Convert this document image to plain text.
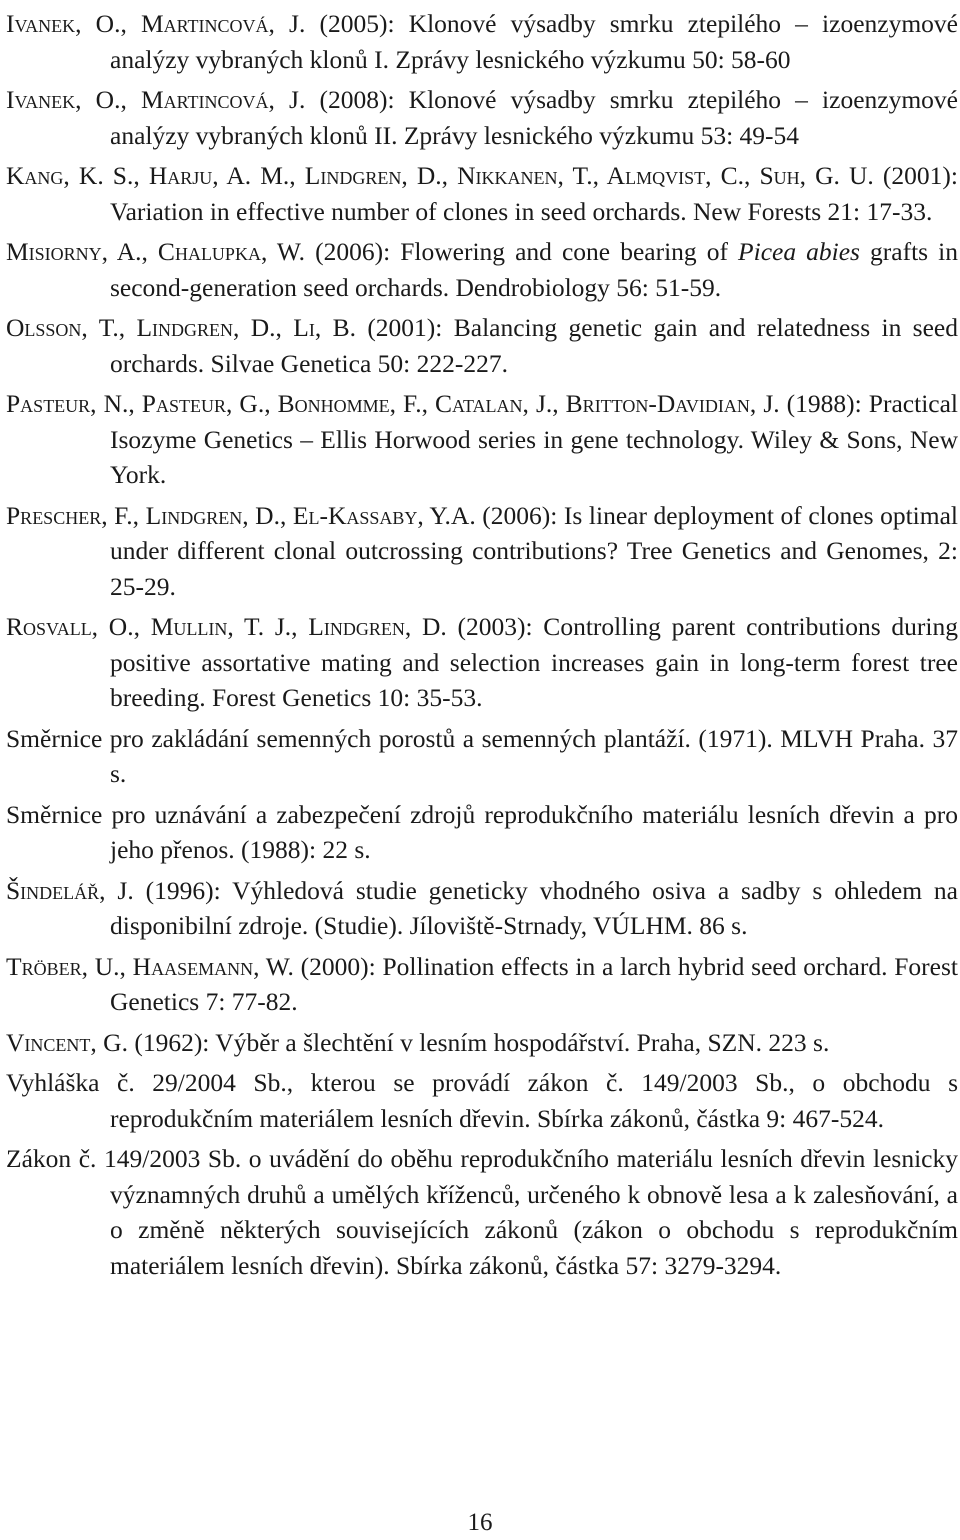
Ivanek, O., Martincová, J. (2005): Klonové výsadby smrku ztepilého – izoenzymové analýzy vybraných klonů I. Zprávy lesnického výzkumu 50: 58-60

Ivanek, O., Martincová, J. (2008): Klonové výsadby smrku ztepilého – izoenzymové analýzy vybraných klonů II. Zprávy lesnického výzkumu 53: 49-54

Kang, K. S., Harju, A. M., Lindgren, D., Nikkanen, T., Almqvist, C., Suh, G. U. (2001): Variation in effective number of clones in seed orchards. New Forests 21: 17-33.

Misiorny, A., Chalupka, W. (2006): Flowering and cone bearing of Picea abies grafts in second-generation seed orchards. Dendrobiology 56: 51-59.

Olsson, T., Lindgren, D., Li, B. (2001): Balancing genetic gain and relatedness in seed orchards. Silvae Genetica 50: 222-227.

Pasteur, N., Pasteur, G., Bonhomme, F., Catalan, J., Britton-Davidian, J. (1988): Practical Isozyme Genetics – Ellis Horwood series in gene technology. Wiley & Sons, New York.

Prescher, F., Lindgren, D., El-Kassaby, Y.A. (2006): Is linear deployment of clones optimal under different clonal outcrossing contributions? Tree Genetics and Genomes, 2: 25-29.

Rosvall, O., Mullin, T. J., Lindgren, D. (2003): Controlling parent contributions during positive assortative mating and selection increases gain in long-term forest tree breeding. Forest Genetics 10: 35-53.

Směrnice pro zakládání semenných porostů a semenných plantáží. (1971). MLVH Praha. 37 s.

Směrnice pro uznávání a zabezpečení zdrojů reprodukčního materiálu lesních dřevin a pro jeho přenos. (1988): 22 s.

Šindelář, J. (1996): Výhledová studie geneticky vhodného osiva a sadby s ohledem na disponibilní zdroje. (Studie). Jíloviště-Strnady, VÚLHM. 86 s.

Tröber, U., Haasemann, W. (2000): Pollination effects in a larch hybrid seed orchard. Forest Genetics 7: 77-82.

Vincent, G. (1962): Výběr a šlechtění v lesním hospodářství. Praha, SZN. 223 s.

Vyhláška č. 29/2004 Sb., kterou se provádí zákon č. 149/2003 Sb., o obchodu s reprodukčním materiálem lesních dřevin. Sbírka zákonů, částka 9: 467-524.

Zákon č. 149/2003 Sb. o uvádění do oběhu reprodukčního materiálu lesních dřevin lesnicky významných druhů a umělých kříženců, určeného k obnově lesa a k zalesňování, a o změně některých souvisejících zákonů (zákon o obchodu s reprodukčním materiálem lesních dřevin). Sbírka zákonů, částka 57: 3279-3294.

16
